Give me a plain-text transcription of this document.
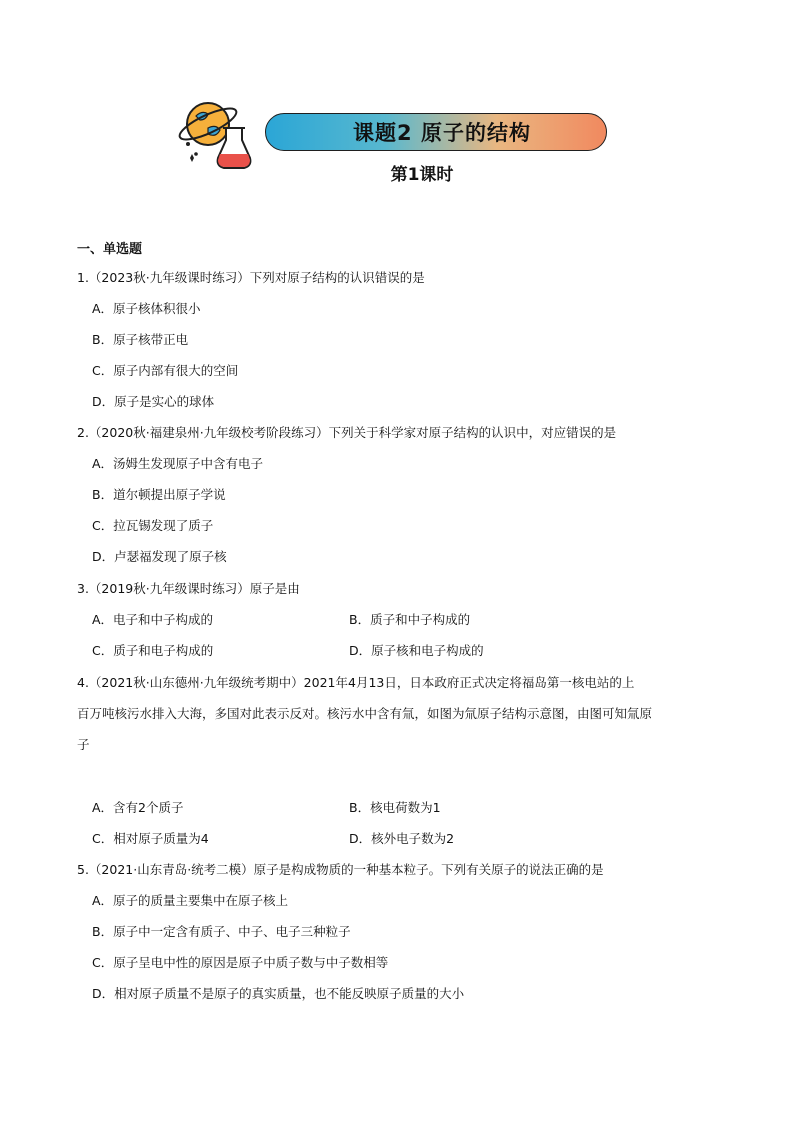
课题2 原子的结构
第1课时
一、单选题
1.（2023秋·九年级课时练习）下列对原子结构的认识错误的是
A．原子核体积很小
B．原子核带正电
C．原子内部有很大的空间
D．原子是实心的球体
2.（2020秋·福建泉州·九年级校考阶段练习）下列关于科学家对原子结构的认识中，对应错误的是
A．汤姆生发现原子中含有电子
B．道尔顿提出原子学说
C．拉瓦锡发现了质子
D．卢瑟福发现了原子核
3.（2019秋·九年级课时练习）原子是由
A．电子和中子构成的	B．质子和中子构成的
C．质子和电子构成的	D．原子核和电子构成的
4.（2021秋·山东德州·九年级统考期中）2021年4月13日，日本政府正式决定将福岛第一核电站的上
百万吨核污水排入大海，多国对此表示反对。核污水中含有氚，如图为氚原子结构示意图，由图可知氚原
子
A．含有2个质子	B．核电荷数为1
C．相对原子质量为4	D．核外电子数为2
5.（2021·山东青岛·统考二模）原子是构成物质的一种基本粒子。下列有关原子的说法正确的是
A．原子的质量主要集中在原子核上
B．原子中一定含有质子、中子、电子三种粒子
C．原子呈电中性的原因是原子中质子数与中子数相等
D．相对原子质量不是原子的真实质量，也不能反映原子质量的大小
